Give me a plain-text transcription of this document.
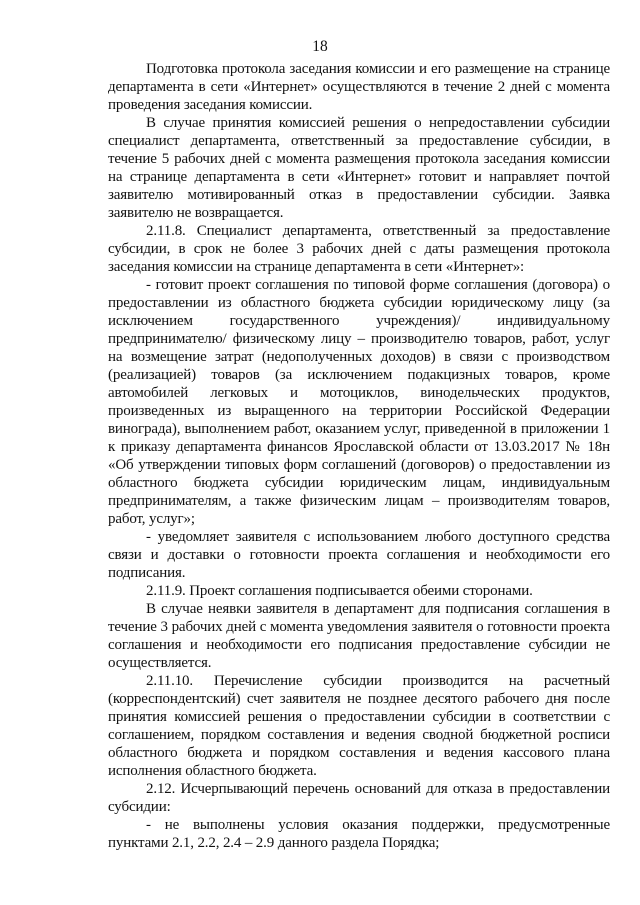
18

Подготовка протокола заседания комиссии и его размещение на странице департамента в сети «Интернет» осуществляются в течение 2 дней с момента проведения заседания комиссии.

В случае принятия комиссией решения о непредоставлении субсидии специалист департамента, ответственный за предоставление субсидии, в течение 5 рабочих дней с момента размещения протокола заседания комиссии на странице департамента в сети «Интернет» готовит и направляет почтой заявителю мотивированный отказ в предоставлении субсидии. Заявка заявителю не возвращается.

2.11.8. Специалист департамента, ответственный за предоставление субсидии, в срок не более 3 рабочих дней с даты размещения протокола заседания комиссии на странице департамента в сети «Интернет»:

- готовит проект соглашения по типовой форме соглашения (договора) о предоставлении из областного бюджета субсидии юридическому лицу (за исключением государственного учреждения)/ индивидуальному предпринимателю/ физическому лицу – производителю товаров, работ, услуг на возмещение затрат (недополученных доходов) в связи с производством (реализацией) товаров (за исключением подакцизных товаров, кроме автомобилей легковых и мотоциклов, винодельческих продуктов, произведенных из выращенного на территории Российской Федерации винограда), выполнением работ, оказанием услуг, приведенной в приложении 1 к приказу департамента финансов Ярославской области от 13.03.2017 № 18н «Об утверждении типовых форм соглашений (договоров) о предоставлении из областного бюджета субсидии юридическим лицам, индивидуальным предпринимателям, а также физическим лицам – производителям товаров, работ, услуг»;

- уведомляет заявителя с использованием любого доступного средства связи и доставки о готовности проекта соглашения и необходимости его подписания.

2.11.9. Проект соглашения подписывается обеими сторонами.

В случае неявки заявителя в департамент для подписания соглашения в течение 3 рабочих дней с момента уведомления заявителя о готовности проекта соглашения и необходимости его подписания предоставление субсидии не осуществляется.

2.11.10. Перечисление субсидии производится на расчетный (корреспондентский) счет заявителя не позднее десятого рабочего дня после принятия комиссией решения о предоставлении субсидии в соответствии с соглашением, порядком составления и ведения сводной бюджетной росписи областного бюджета и порядком составления и ведения кассового плана исполнения областного бюджета.

2.12. Исчерпывающий перечень оснований для отказа в предоставлении субсидии:

- не выполнены условия оказания поддержки, предусмотренные пунктами 2.1, 2.2, 2.4 – 2.9 данного раздела Порядка;
